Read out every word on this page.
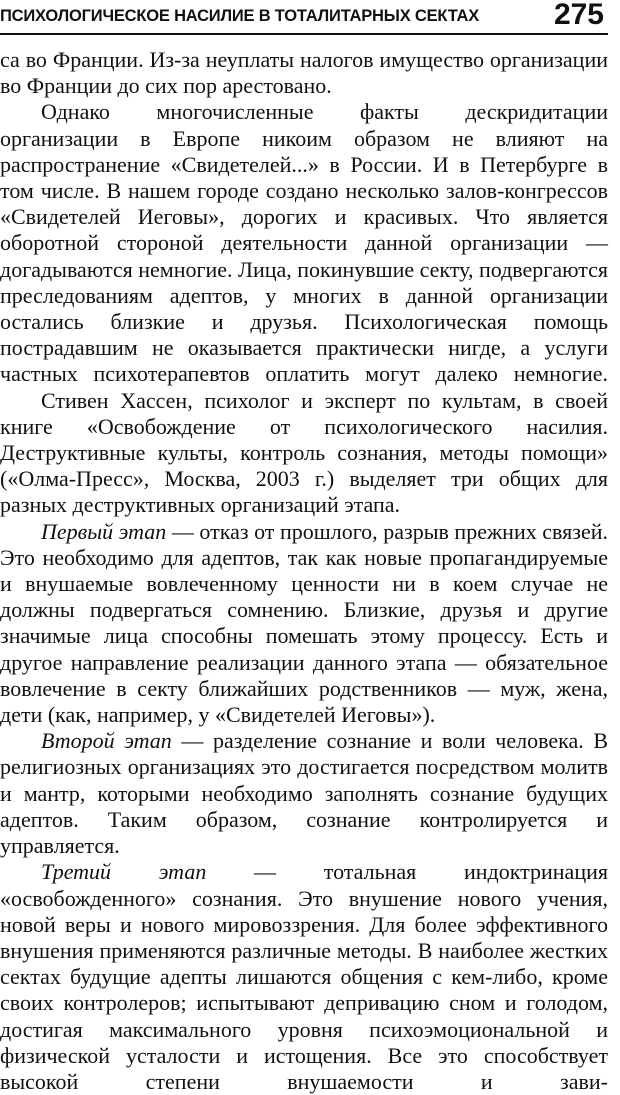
ПСИХОЛОГИЧЕСКОЕ НАСИЛИЕ В ТОТАЛИТАРНЫХ СЕКТАХ 275

са во Франции. Из-за неуплаты налогов имущество организации во Франции до сих пор арестовано.

Однако многочисленные факты дескридитации организации в Европе никоим образом не влияют на распространение «Свидетелей...» в России. И в Петербурге в том числе. В нашем городе создано несколько залов-конгрессов «Свидетелей Иеговы», дорогих и красивых. Что является оборотной стороной деятельности данной организации — догадываются немногие. Лица, покинувшие секту, подвергаются преследованиям адептов, у многих в данной организации остались близкие и друзья. Психологическая помощь пострадавшим не оказывается практически нигде, а услуги частных психотерапевтов оплатить могут далеко немногие.

Стивен Хассен, психолог и эксперт по культам, в своей книге «Освобождение от психологического насилия. Деструктивные культы, контроль сознания, методы помощи» («Олма-Пресс», Москва, 2003 г.) выделяет три общих для разных деструктивных организаций этапа.

Первый этап — отказ от прошлого, разрыв прежних связей. Это необходимо для адептов, так как новые пропагандируемые и внушаемые вовлеченному ценности ни в коем случае не должны подвергаться сомнению. Близкие, друзья и другие значимые лица способны помешать этому процессу. Есть и другое направление реализации данного этапа — обязательное вовлечение в секту ближайших родственников — муж, жена, дети (как, например, у «Свидетелей Иеговы»).

Второй этап — разделение сознание и воли человека. В религиозных организациях это достигается посредством молитв и мантр, которыми необходимо заполнять сознание будущих адептов. Таким образом, сознание контролируется и управляется.

Третий этап — тотальная индоктринация «освобожденного» сознания. Это внушение нового учения, новой веры и нового мировоззрения. Для более эффективного внушения применяются различные методы. В наиболее жестких сектах будущие адепты лишаются общения с кем-либо, кроме своих контролеров; испытывают депривацию сном и голодом, достигая максимального уровня психоэмоциональной и физической усталости и истощения. Все это способствует высокой степени внушаемости и зави-
